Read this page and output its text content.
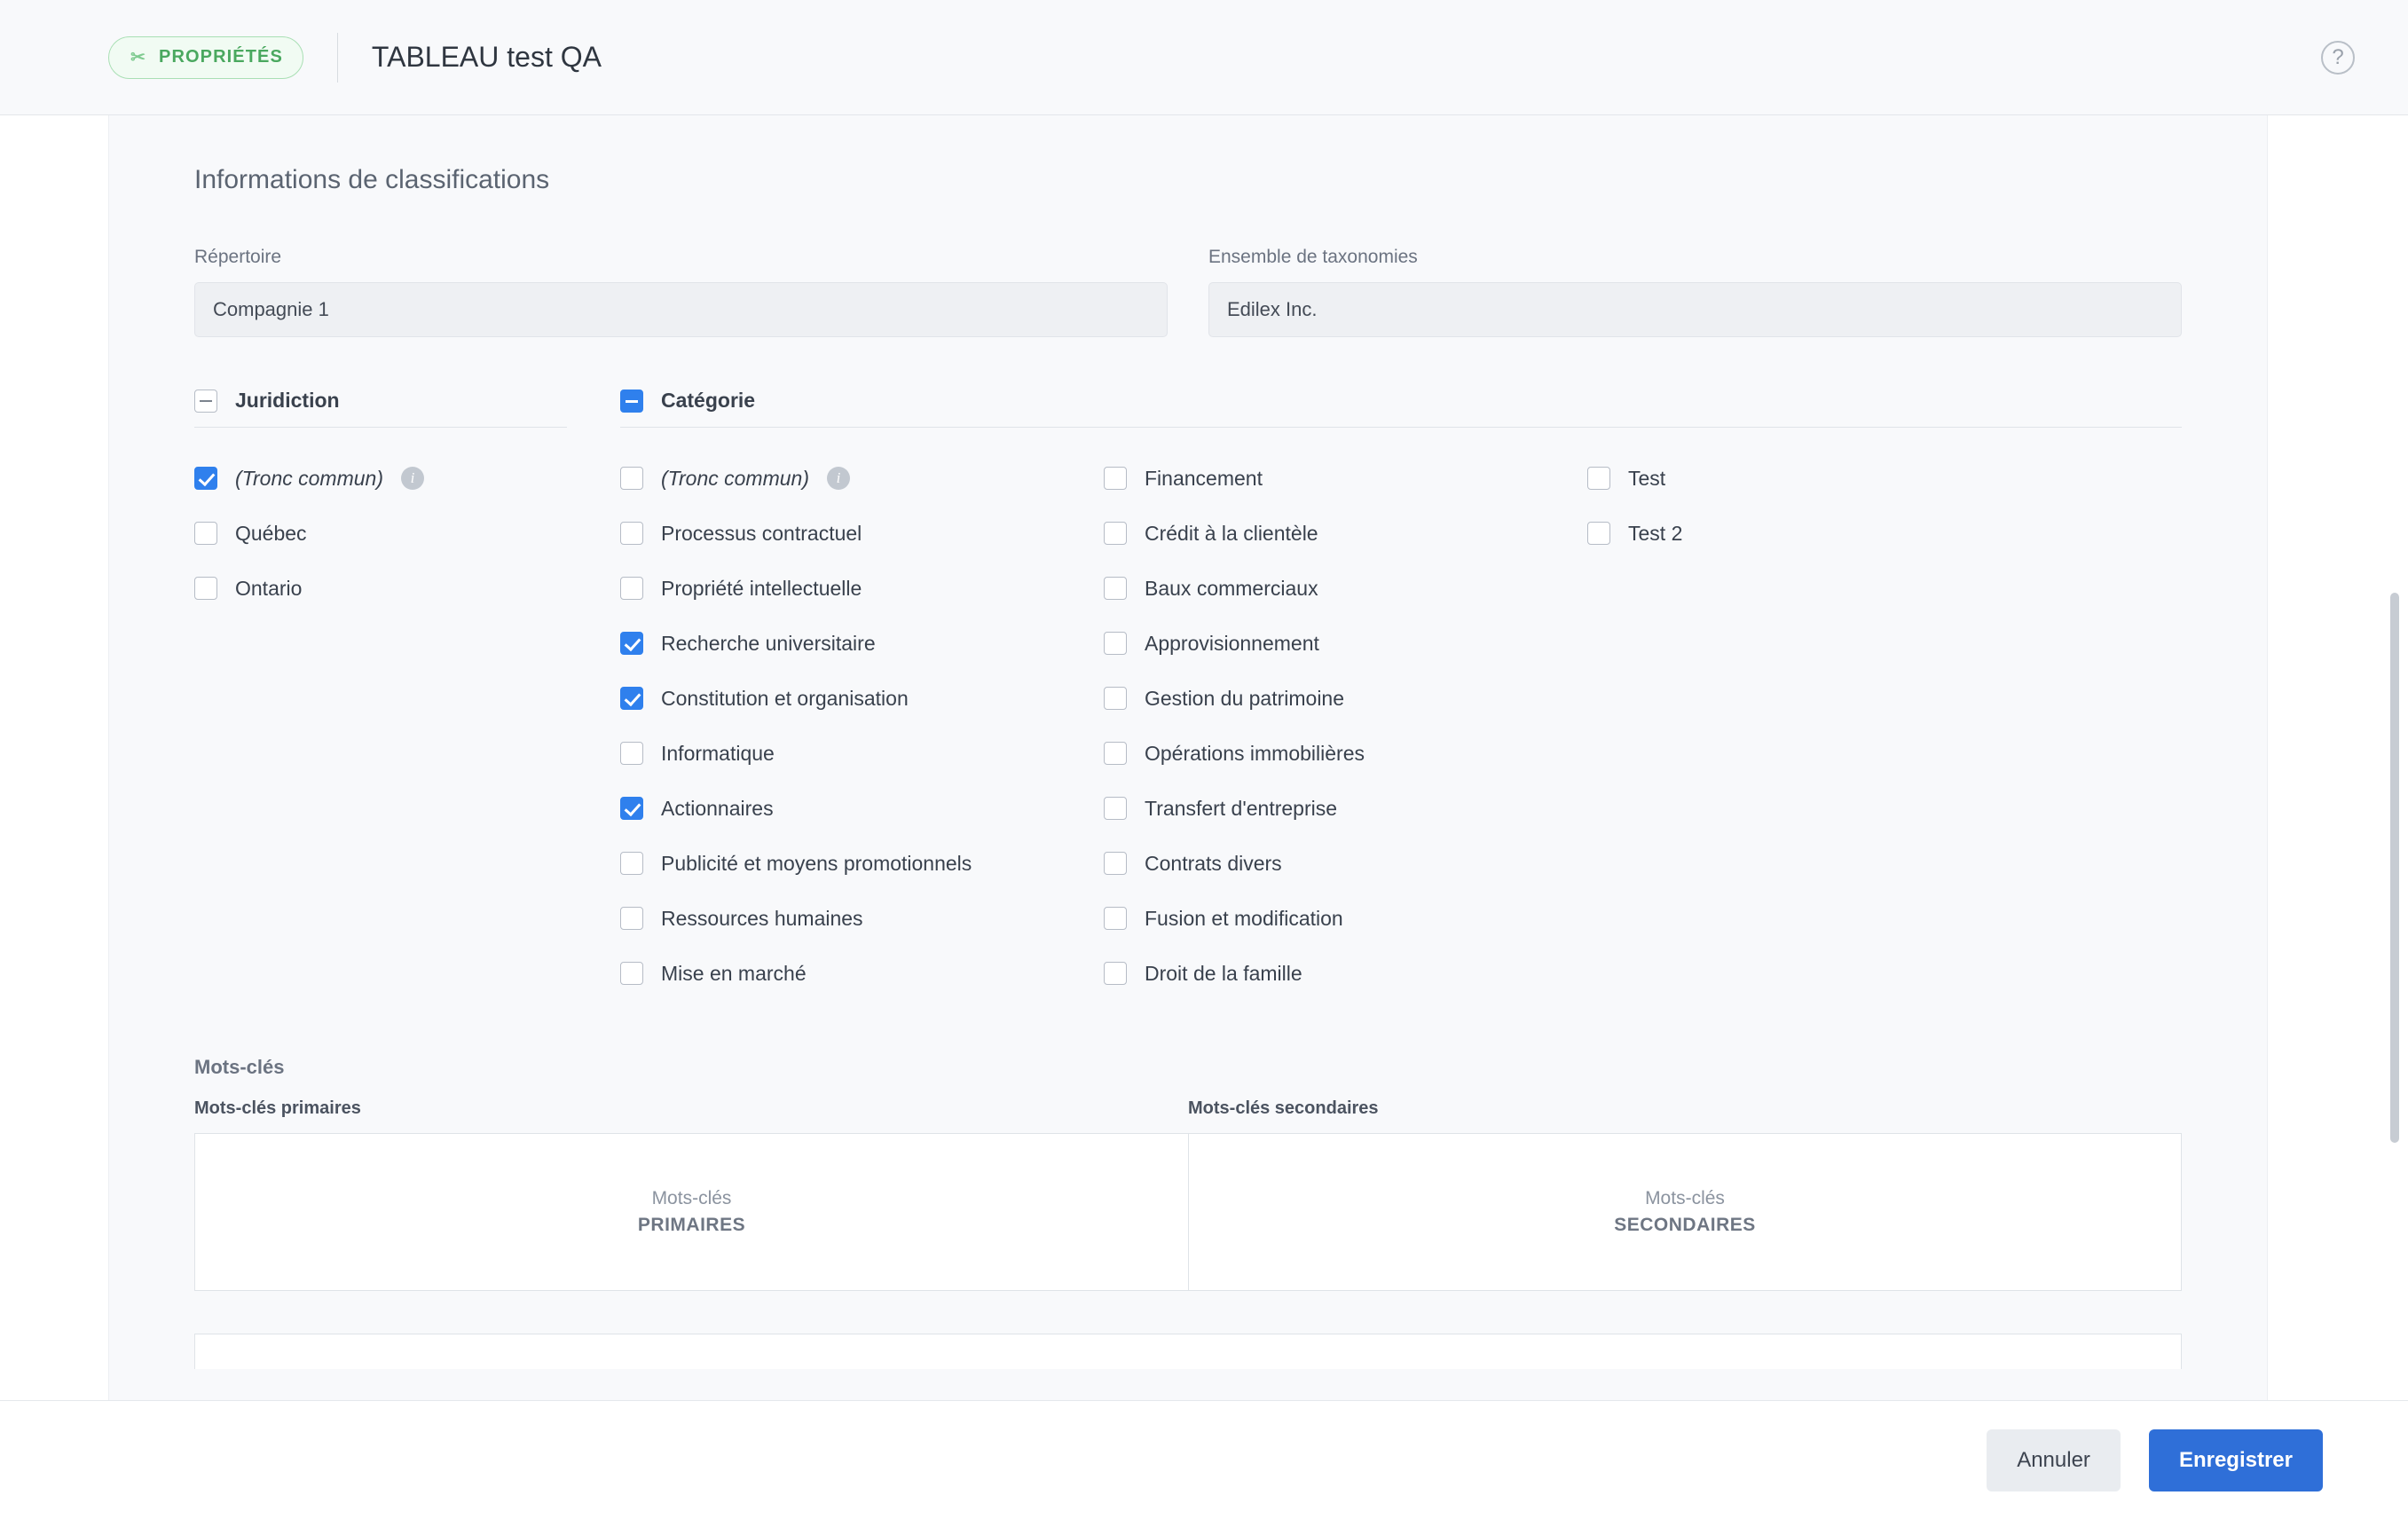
✂ PROPRIÉTÉS	TABLEAU test QA	?
Informations de classifications
Répertoire
Compagnie 1
Ensemble de taxonomies
Edilex Inc.
Juridiction
(Tronc commun)	i
Québec
Ontario
Catégorie
(Tronc commun)	i
Processus contractuel
Propriété intellectuelle
Recherche universitaire
Constitution et organisation
Informatique
Actionnaires
Publicité et moyens promotionnels
Ressources humaines
Mise en marché
Financement
Crédit à la clientèle
Baux commerciaux
Approvisionnement
Gestion du patrimoine
Opérations immobilières
Transfert d'entreprise
Contrats divers
Fusion et modification
Droit de la famille
Test
Test 2
Mots-clés
Mots-clés primaires
Mots-clés
PRIMAIRES
Mots-clés secondaires
Mots-clés
SECONDAIRES
Annuler	Enregistrer
